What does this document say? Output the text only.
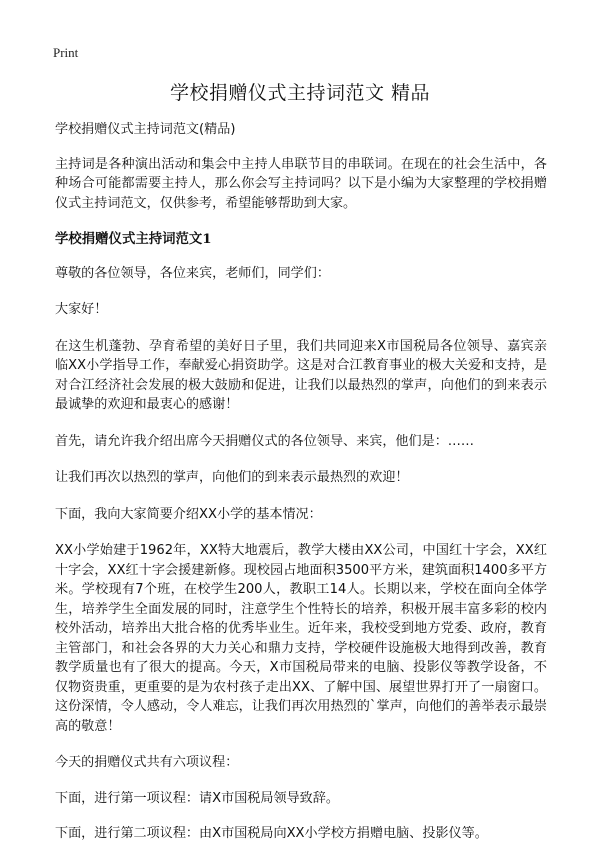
Print
学校捐赠仪式主持词范文 精品

学校捐赠仪式主持词范文(精品)

主持词是各种演出活动和集会中主持人串联节目的串联词。在现在的社会生活中，各种场合可能都需要主持人，那么你会写主持词吗？以下是小编为大家整理的学校捐赠仪式主持词范文，仅供参考，希望能够帮助到大家。

学校捐赠仪式主持词范文1

尊敬的各位领导，各位来宾，老师们，同学们：

大家好！

在这生机蓬勃、孕育希望的美好日子里，我们共同迎来X市国税局各位领导、嘉宾亲临XX小学指导工作，奉献爱心捐资助学。这是对合江教育事业的极大关爱和支持，是对合江经济社会发展的极大鼓励和促进，让我们以最热烈的掌声，向他们的到来表示最诚挚的欢迎和最衷心的感谢！

首先，请允许我介绍出席今天捐赠仪式的各位领导、来宾，他们是：……

让我们再次以热烈的掌声，向他们的到来表示最热烈的欢迎！

下面，我向大家简要介绍XX小学的基本情况：

XX小学始建于1962年，XX特大地震后，教学大楼由XX公司，中国红十字会，XX红十字会，XX红十字会援建新修。现校园占地面积3500平方米，建筑面积1400多平方米。学校现有7个班，在校学生200人，教职工14人。长期以来，学校在面向全体学生，培养学生全面发展的同时，注意学生个性特长的培养，积极开展丰富多彩的校内校外活动，培养出大批合格的优秀毕业生。近年来，我校受到地方党委、政府，教育主管部门，和社会各界的大力关心和鼎力支持，学校硬件设施极大地得到改善，教育教学质量也有了很大的提高。今天，X市国税局带来的电脑、投影仪等教学设备，不仅物资贵重，更重要的是为农村孩子走出XX、了解中国、展望世界打开了一扇窗口。这份深情，令人感动，令人难忘，让我们再次用热烈的`掌声，向他们的善举表示最崇高的敬意！

今天的捐赠仪式共有六项议程：

下面，进行第一项议程：请X市国税局领导致辞。

下面，进行第二项议程：由X市国税局向XX小学校方捐赠电脑、投影仪等。
